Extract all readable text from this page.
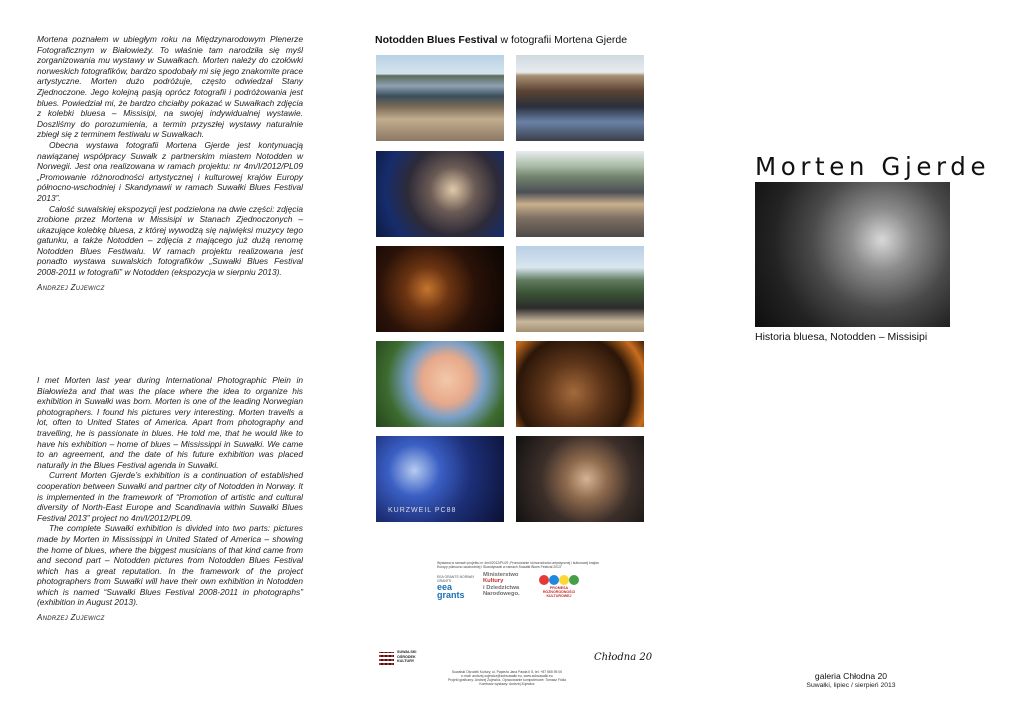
Mortena poznałem w ubiegłym roku na Międzynarodowym Plenerze Fotograficznym w Białowieży. To właśnie tam narodziła się myśl zorganizowania mu wystawy w Suwałkach. Morten należy do czołówki norweskich fotografików, bardzo spodobały mi się jego znakomite prace artystyczne. Morten dużo podróżuje, często odwiedzał Stany Zjednoczone. Jego kolejną pasją oprócz fotografii i podróżowania jest blues. Powiedział mi, że bardzo chciałby pokazać w Suwałkach zdjęcia z kolebki bluesa – Missisipi, na swojej indywidualnej wystawie. Doszliśmy do porozumienia, a termin przyszłej wystawy naturalnie zbiegł się z terminem festiwalu w Suwałkach.

Obecna wystawa fotografii Mortena Gjerde jest kontynuacją nawiązanej współpracy Suwałk z partnerskim miastem Notodden w Norwegii. Jest ona realizowana w ramach projektu: nr 4m/I/2012/PL09 „Promowanie różnorodności artystycznej i kulturowej krajów Europy północno-wschodniej i Skandynawii w ramach Suwałki Blues Festival 2013”.

Całość suwalskiej ekspozycji jest podzielona na dwie części: zdjęcia zrobione przez Mortena w Missisipi w Stanach Zjednoczonych – ukazujące kolebkę bluesa, z której wywodzą się najwięksi muzycy tego gatunku, a także Notodden – zdjęcia z mającego już dużą renomę Notodden Blues Festiwalu. W ramach projektu realizowana jest ponadto wystawa suwalskich fotografików „Suwałki Blues Festival 2008-2011 w fotografii” w Notodden (ekspozycja w sierpniu 2013).

Andrzej Zujewicz

I met Morten last year during International Photographic Plein in Białowieża and that was the place where the idea to organize his exhibition in Suwałki was born. Morten is one of the leading Norwegian photographers. I found his pictures very interesting. Morten travells a lot, often to United States of America. Apart from photography and travelling, he is passionate in blues. He told me, that he would like to have his exhibition – home of blues – Mississippi in Suwałki. We came to an agreement, and the date of his future exhibition was placed naturally in the Blues Festival agenda in Suwałki.

Current Morten Gjerde’s exhibition is a continuation of established cooperation between Suwałki and partner city of Notodden in Norway. It is implemented in the framework of “Promotion of artistic and cultural diversity of North-East Europe and Scandinavia within Suwałki Blues Festival 2013” project no 4m/I/2012/PL09.

The complete Suwałki exhibition is divided into two parts: pictures made by Morten in Mississippi in United Stated of America – showing the home of blues, where the biggest musicians of that kind came from and second part – Notodden pictures from Notodden Blues Festival which has a great reputation. In the framework of the project photographers from Suwałki will have their own exhibition in Notodden which is named “Suwałki Blues Festival 2008-2011 in photographs” (exhibition in August 2013).

Andrzej Zujewicz

Notodden Blues Festival w fotografii Mortena Gjerde
KURZWEIL PC88
Morten Gjerde
Historia bluesa, Notodden – Missisipi
Wystawa w ramach projektu nr 4m/I/2012/PL09 „Promowanie różnorodności artystycznej i kulturowej krajów Europy północno-wschodniej i Skandynawii w ramach Suwałki Blues Festival 2013”
EEA GRANTS NORWAY GRANTS
eea
grants
Ministerstwo
Kultury
i Dziedzictwa
Narodowego.
PROMESA
RÓŻNORODNOŚCI
KULTUROWEJ
SUWALSKI
OŚRODEK
KULTURY	Chłodna 20
Suwalski Ośrodek Kultury, ul. Papieża Jana Pawła II 5, tel. +87 565 95 00
e-mail: andrzej.zujewicz@soksuwalki.eu, www.soksuwalki.eu
Projekt graficzny: Andrzej Zujewicz. Opracowanie komputerowe: Tomasz Fiolia
Komisarz wystawy: Andrzej Zujewicz
galeria Chłodna 20
Suwałki, lipiec / sierpień 2013
